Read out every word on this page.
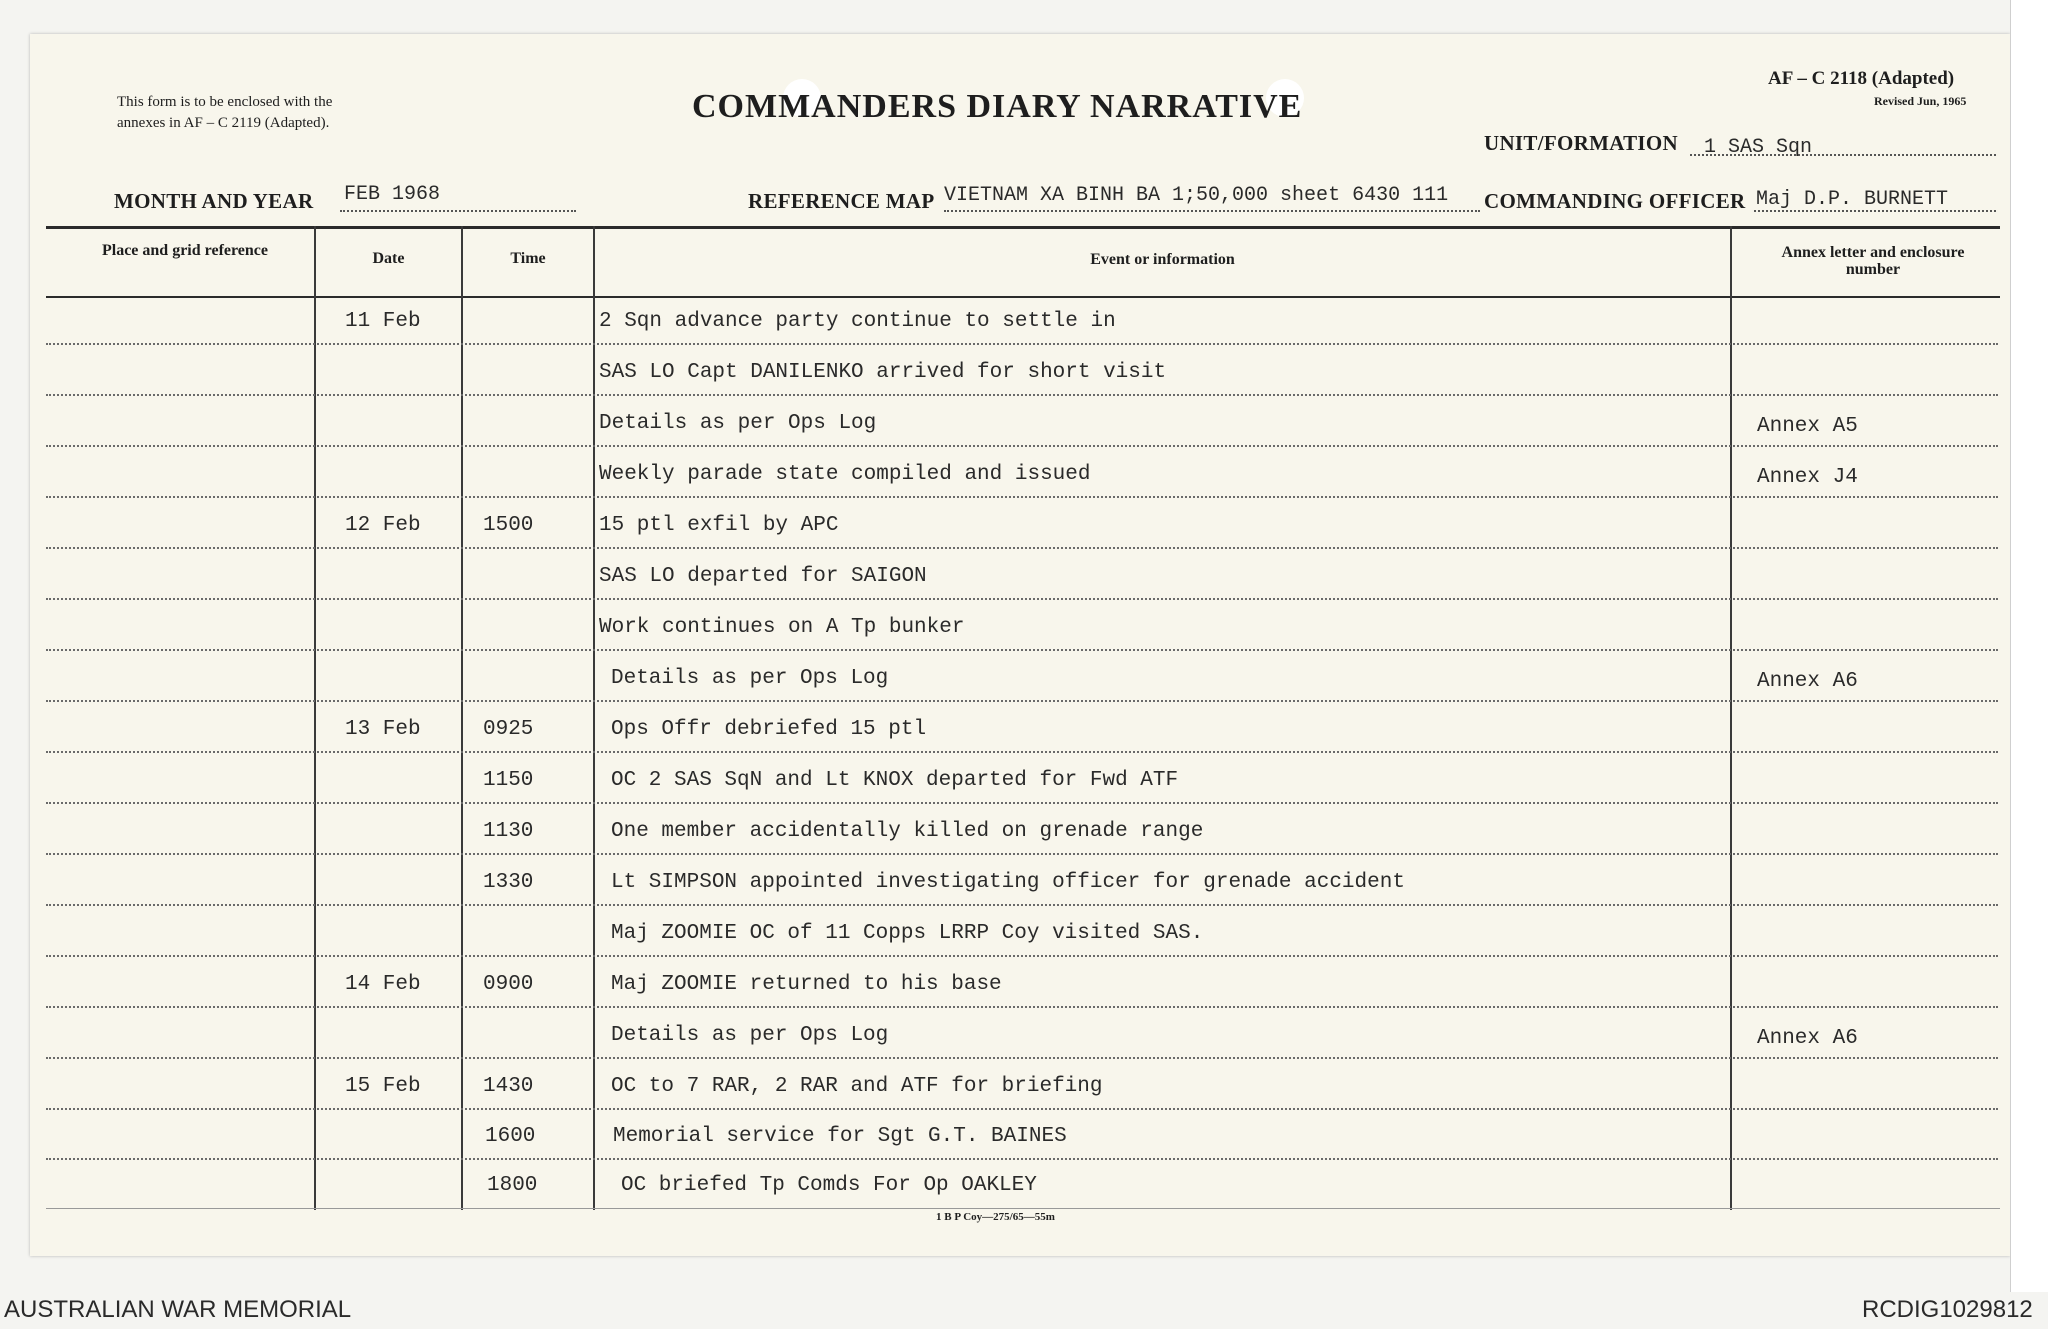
This form is to be enclosed with the
annexes in AF – C 2119 (Adapted).	COMMANDERS DIARY NARRATIVE
AF – C 2118 (Adapted)
Revised Jun, 1965
UNIT/FORMATION 1 SAS Sqn
MONTH AND YEAR FEB 1968	REFERENCE MAP VIETNAM XA BINH BA 1;50,000 sheet 6430 111 COMMANDING OFFICER Maj D.P. BURNETT
Place and grid reference	Date	Time	Event or information	Annex letter and enclosure number
11 Feb	2 Sqn advance party continue to settle in
SAS LO Capt DANILENKO arrived for short visit
Details as per Ops Log	Annex A5
Weekly parade state compiled and issued	Annex J4
12 Feb	1500	15 ptl exfil by APC
SAS LO departed for SAIGON
Work continues on A Tp bunker
Details as per Ops Log	Annex A6
13 Feb	0925	Ops Offr debriefed 15 ptl
1150	OC 2 SAS SqN and Lt KNOX departed for Fwd ATF
1130	One member accidentally killed on grenade range
1330	Lt SIMPSON appointed investigating officer for grenade accident
Maj ZOOMIE OC of 11 Copps LRRP Coy visited SAS.
14 Feb	0900	Maj ZOOMIE returned to his base
Details as per Ops Log	Annex A6
15 Feb	1430	OC to 7 RAR, 2 RAR and ATF for briefing
1600	Memorial service for Sgt G.T. BAINES
1800	OC briefed Tp Comds For Op OAKLEY
1 B P Coy—275/65—55m
AUSTRALIAN WAR MEMORIAL	RCDIG1029812
